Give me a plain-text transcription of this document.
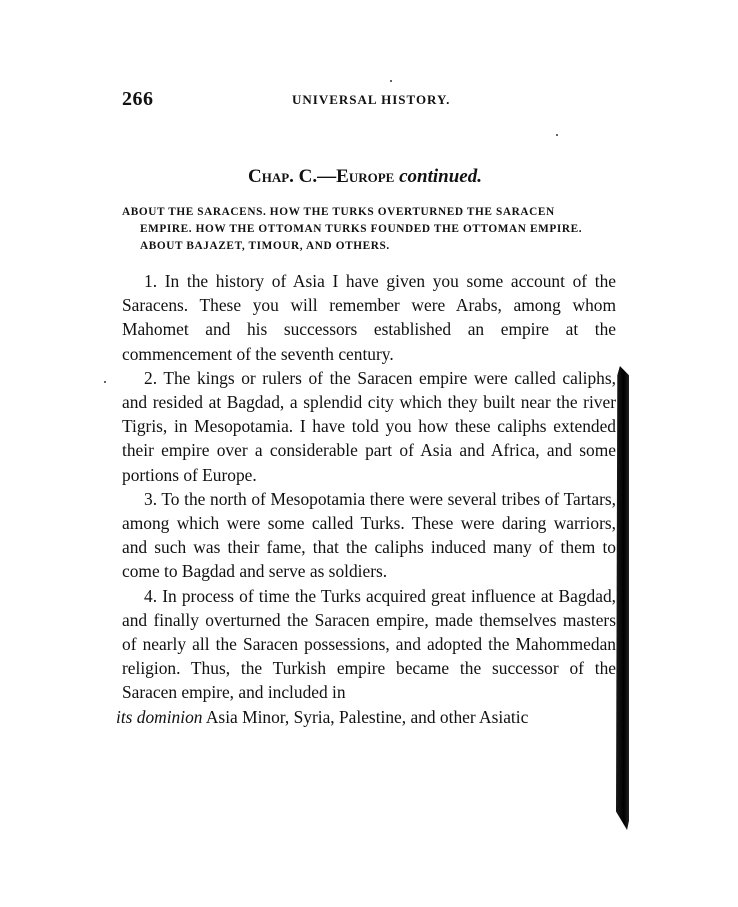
266	UNIVERSAL HISTORY.
Chap. C.—Europe continued.
ABOUT THE SARACENS. HOW THE TURKS OVERTURNED THE SARACEN
EMPIRE. HOW THE OTTOMAN TURKS FOUNDED THE OTTOMAN EMPIRE.
ABOUT BAJAZET, TIMOUR, AND OTHERS.

1. In the history of Asia I have given you some account of the Saracens. These you will remember were Arabs, among whom Mahomet and his successors established an empire at the commencement of the seventh century.

2. The kings or rulers of the Saracen empire were called caliphs, and resided at Bagdad, a splendid city which they built near the river Tigris, in Mesopotamia. I have told you how these caliphs extended their empire over a considerable part of Asia and Africa, and some portions of Europe.

3. To the north of Mesopotamia there were several tribes of Tartars, among which were some called Turks. These were daring warriors, and such was their fame, that the caliphs induced many of them to come to Bagdad and serve as soldiers.

4. In process of time the Turks acquired great influence at Bagdad, and finally overturned the Saracen empire, made themselves masters of nearly all the Saracen possessions, and adopted the Mahommedan religion. Thus, the Turkish empire became the successor of the Saracen empire, and included in

its dominion Asia Minor, Syria, Palestine, and other Asiatic
